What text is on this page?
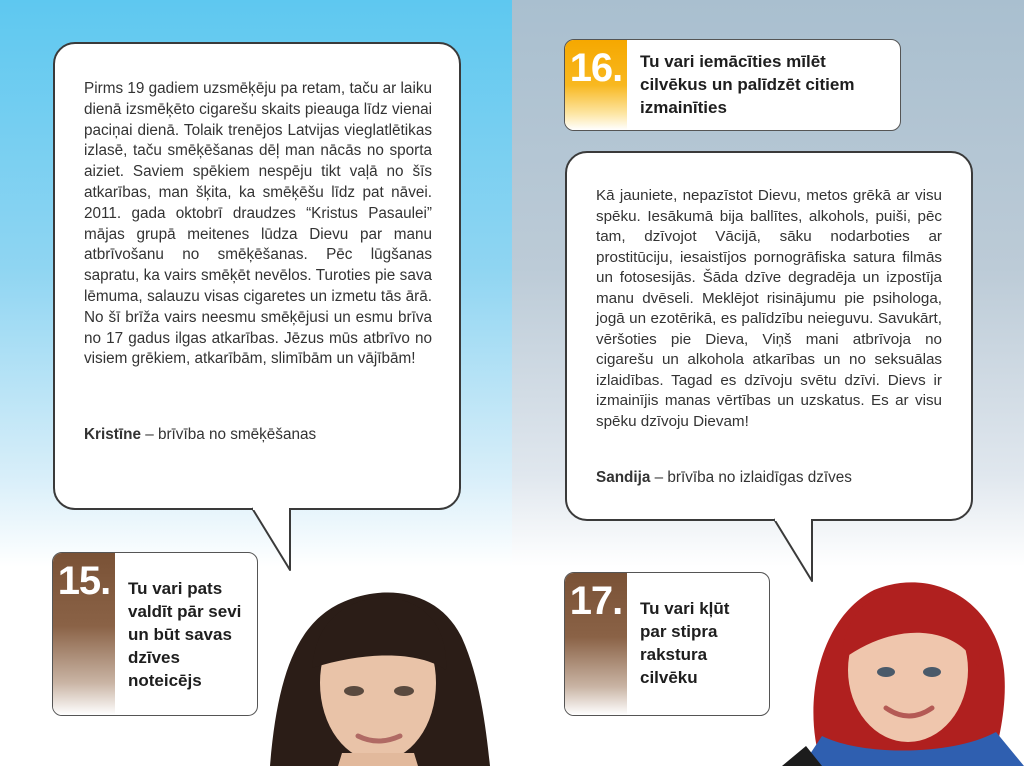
Pirms 19 gadiem uzsmēķēju pa retam, taču ar laiku dienā izsmēķēto cigarešu skaits pieauga līdz vienai paciņai dienā. Tolaik trenējos Latvijas vieglatlētikas izlasē, taču smēķēšanas dēļ man nācās no sporta aiziet. Saviem spēkiem nespēju tikt vaļā no šīs atkarības, man šķita, ka smēķēšu līdz pat nāvei. 2011. gada oktobrī draudzes “Kristus Pasaulei” mājas grupā meitenes lūdza Dievu par manu atbrīvošanu no smēķēšanas. Pēc lūgšanas sapratu, ka vairs smēķēt nevēlos. Turoties pie sava lēmuma, salauzu visas cigaretes un izmetu tās ārā. No šī brīža vairs neesmu smēķējusi un esmu brīva no 17 gadus ilgas atkarības. Jēzus mūs atbrīvo no visiem grēkiem, atkarībām, slimībām un vājībām!

Kristīne – brīvība no smēķēšanas

15. Tu vari pats valdīt pār sevi un būt savas dzīves noteicējs

16. Tu vari iemācīties mīlēt cilvēkus un palīdzēt citiem izmainīties

Kā jauniete, nepazīstot Dievu, metos grēkā ar visu spēku. Iesākumā bija ballītes, alkohols, puiši, pēc tam, dzīvojot Vācijā, sāku nodarboties ar prostitūciju, iesaistījos pornogrāfiska satura filmās un fotosesijās. Šāda dzīve degradēja un izpostīja manu dvēseli. Meklējot risinājumu pie psihologa, jogā un ezotērikā, es palīdzību neieguvu. Savukārt, vēršoties pie Dieva, Viņš mani atbrīvoja no cigarešu un alkohola atkarības un no seksuālas izlaidības. Tagad es dzīvoju svētu dzīvi. Dievs ir izmainījis manas vērtības un uzskatus. Es ar visu spēku dzīvoju Dievam!

Sandija – brīvība no izlaidīgas dzīves

17. Tu vari kļūt par stipra rakstura cilvēku
